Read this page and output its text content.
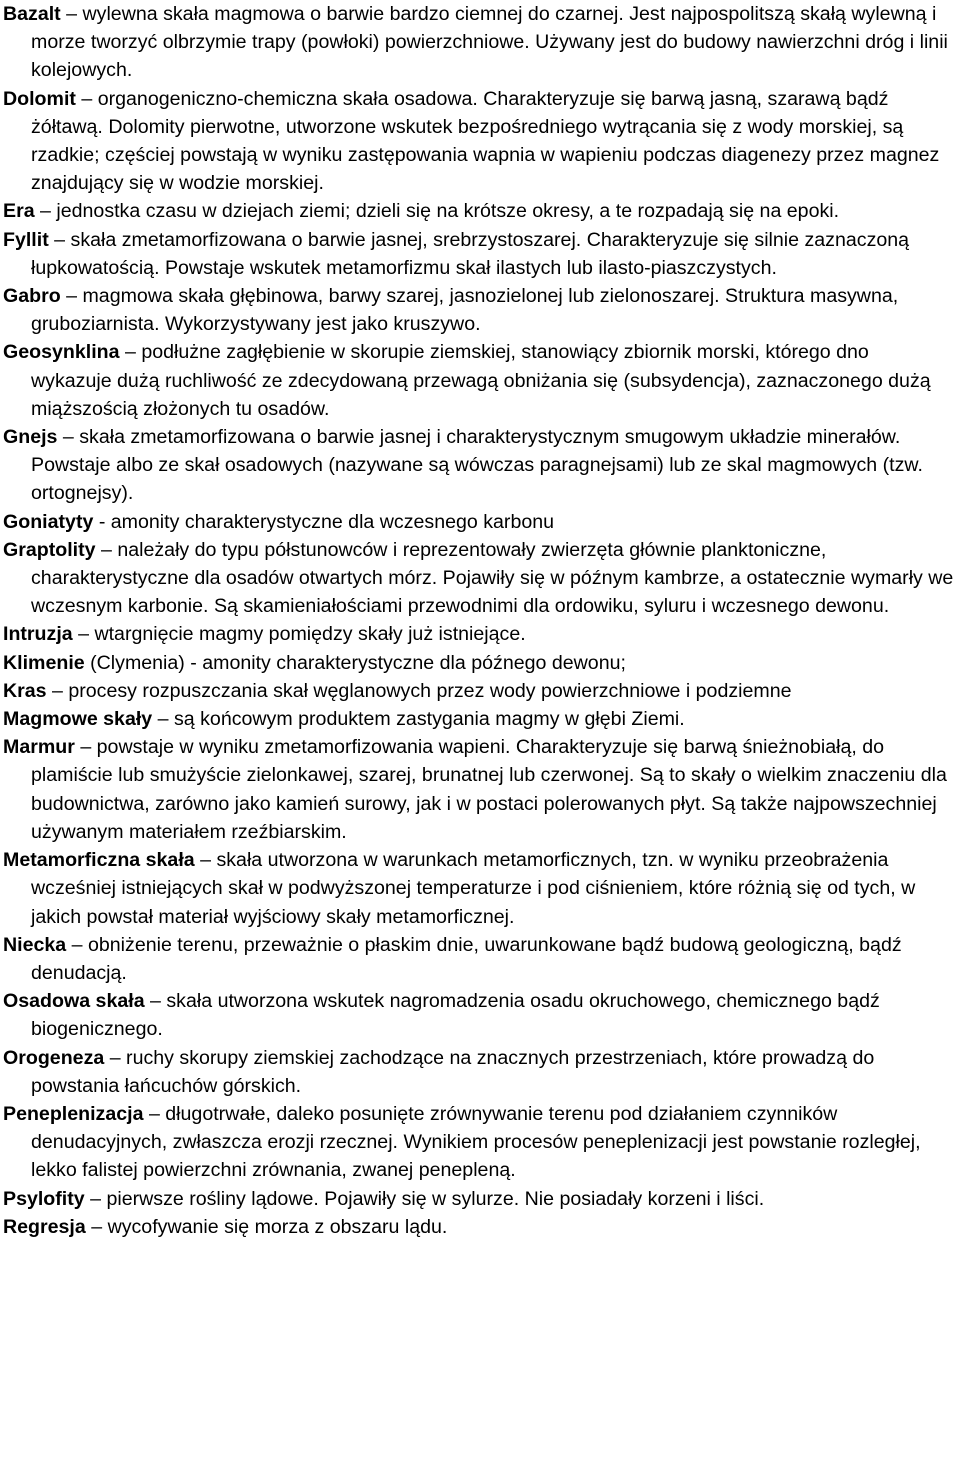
Bazalt – wylewna skała magmowa o barwie bardzo ciemnej do czarnej. Jest najpospolitszą skałą wylewną i morze tworzyć olbrzymie trapy (powłoki) powierzchniowe. Używany jest do budowy nawierzchni dróg i linii kolejowych.

Dolomit – organogeniczno-chemiczna skała osadowa. Charakteryzuje się barwą jasną, szarawą bądź żółtawą. Dolomity pierwotne, utworzone wskutek bezpośredniego wytrącania się z wody morskiej, są rzadkie; częściej powstają w wyniku zastępowania wapnia w wapieniu podczas diagenezy przez magnez znajdujący się w wodzie morskiej.

Era – jednostka czasu w dziejach ziemi; dzieli się na krótsze okresy, a te rozpadają się na epoki.

Fyllit – skała zmetamorfizowana o barwie jasnej, srebrzystoszarej. Charakteryzuje się silnie zaznaczoną łupkowatością. Powstaje wskutek metamorfizmu skał ilastych lub ilasto-piaszczystych.

Gabro – magmowa skała głębinowa, barwy szarej, jasnozielonej lub zielonoszarej. Struktura masywna, gruboziarnista. Wykorzystywany jest jako kruszywo.

Geosynklina – podłużne zagłębienie w skorupie ziemskiej, stanowiący zbiornik morski, którego dno wykazuje dużą ruchliwość ze zdecydowaną przewagą obniżania się (subsydencja), zaznaczonego dużą miąższością złożonych tu osadów.

Gnejs – skała zmetamorfizowana o barwie jasnej i charakterystycznym smugowym układzie minerałów. Powstaje albo ze skał osadowych (nazywane są wówczas paragnejsami) lub ze skal magmowych (tzw. ortognejsy).

Goniatyty - amonity charakterystyczne dla wczesnego karbonu

Graptolity – należały do typu półstunowców i reprezentowały zwierzęta głównie planktoniczne, charakterystyczne dla osadów otwartych mórz. Pojawiły się w późnym kambrze, a ostatecznie wymarły we wczesnym karbonie. Są skamieniałościami przewodnimi dla ordowiku, syluru i wczesnego dewonu.

Intruzja – wtargnięcie magmy pomiędzy skały już istniejące.

Klimenie (Clymenia) - amonity charakterystyczne dla późnego dewonu;

Kras – procesy rozpuszczania skał węglanowych przez wody powierzchniowe i podziemne

Magmowe skały – są końcowym produktem zastygania magmy w głębi Ziemi.

Marmur – powstaje w wyniku zmetamorfizowania wapieni. Charakteryzuje się barwą śnieżnobiałą, do plamiście lub smużyście zielonkawej, szarej, brunatnej lub czerwonej. Są to skały o wielkim znaczeniu dla budownictwa, zarówno jako kamień surowy, jak i w postaci polerowanych płyt. Są także najpowszechniej używanym materiałem rzeźbiarskim.

Metamorficzna skała – skała utworzona w warunkach metamorficznych, tzn. w wyniku przeobrażenia wcześniej istniejących skał w podwyższonej temperaturze i pod ciśnieniem, które różnią się od tych, w jakich powstał materiał wyjściowy skały metamorficznej.

Niecka – obniżenie terenu, przeważnie o płaskim dnie, uwarunkowane bądź budową geologiczną, bądź denudacją.

Osadowa skała – skała utworzona wskutek nagromadzenia osadu okruchowego, chemicznego bądź biogenicznego.

Orogeneza – ruchy skorupy ziemskiej zachodzące na znacznych przestrzeniach, które prowadzą do powstania łańcuchów górskich.

Peneplenizacja – długotrwałe, daleko posunięte zrównywanie terenu pod działaniem czynników denudacyjnych, zwłaszcza erozji rzecznej. Wynikiem procesów peneplenizacji jest powstanie rozległej, lekko falistej powierzchni zrównania, zwanej penepleną.

Psylofity – pierwsze rośliny lądowe. Pojawiły się w sylurze. Nie posiadały korzeni i liści.

Regresja – wycofywanie się morza z obszaru lądu.
